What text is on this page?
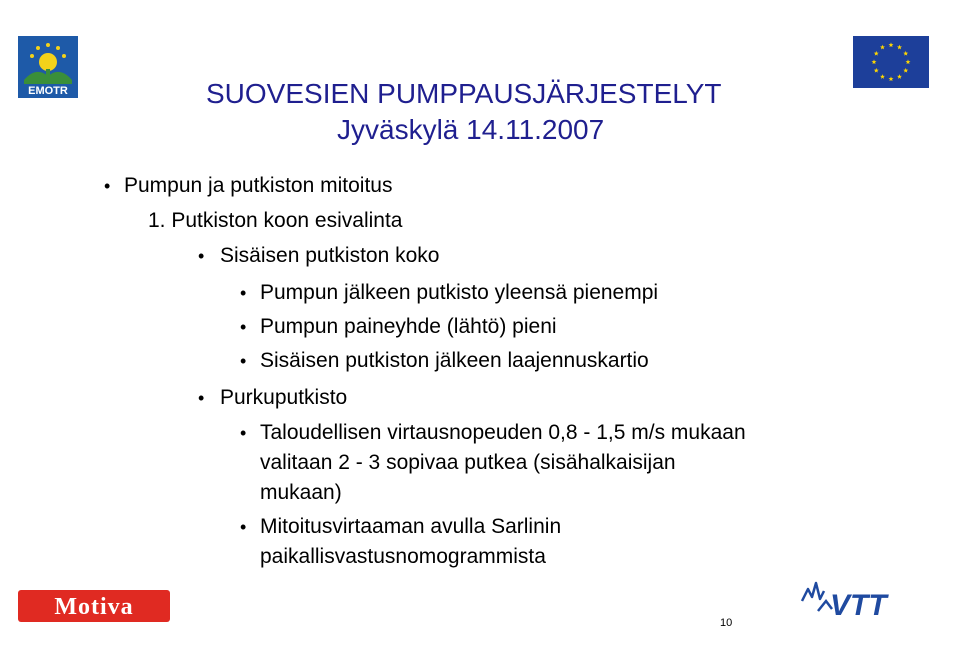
EMOTR	SUOVESIEN PUMPPAUSJÄRJESTELYT
Jyväskylä 14.11.2007
• Pumpun ja putkiston mitoitus
1. Putkiston koon esivalinta
• Sisäisen putkiston koko
• Pumpun jälkeen putkisto yleensä pienempi
• Pumpun paineyhde (lähtö) pieni
• Sisäisen putkiston jälkeen laajennuskartio
• Purkuputkisto
• Taloudellisen virtausnopeuden 0,8 - 1,5 m/s mukaan
valitaan 2 - 3 sopivaa putkea (sisähalkaisijan
mukaan)
• Mitoitusvirtaaman avulla Sarlinin
paikallisvastusnomogrammista
Motiva	VTT
10
